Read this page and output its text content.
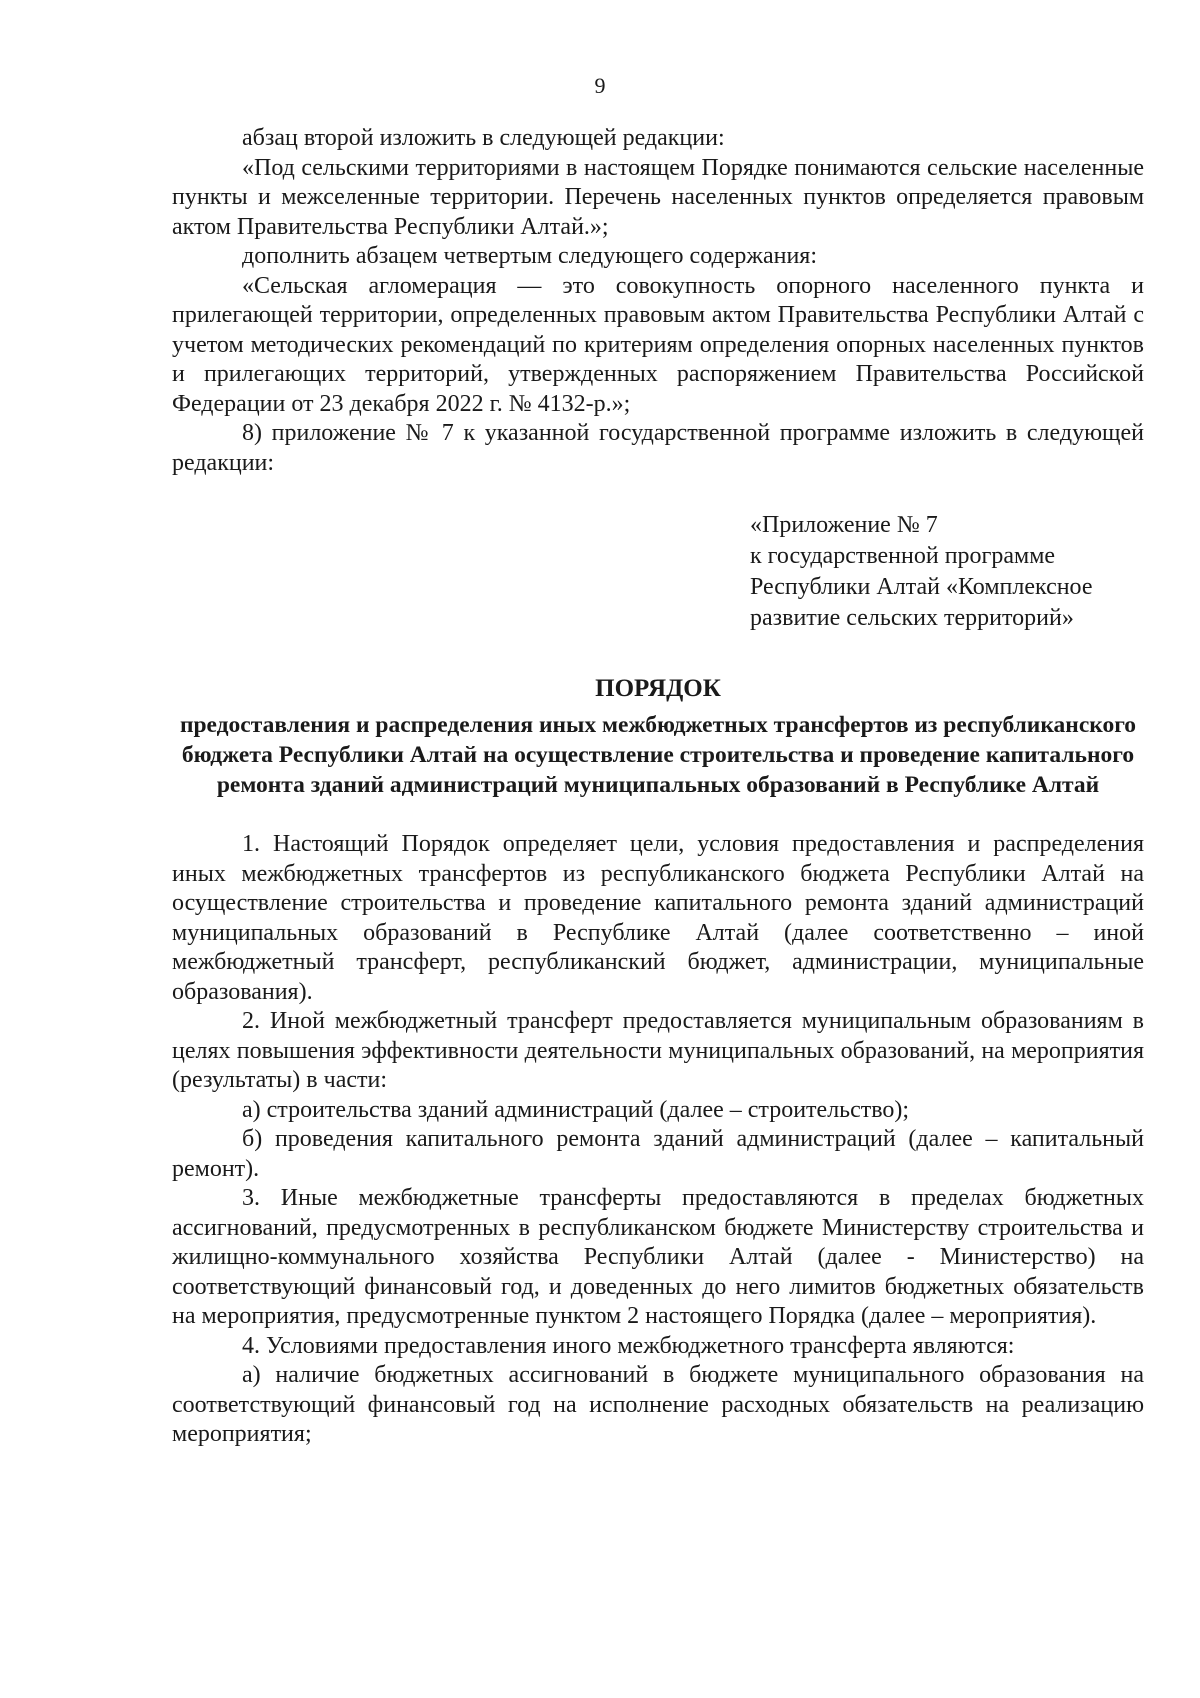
9

абзац второй изложить в следующей редакции:

«Под сельскими территориями в настоящем Порядке понимаются сельские населенные пункты и межселенные территории. Перечень населенных пунктов определяется правовым актом Правительства Республики Алтай.»;

дополнить абзацем четвертым следующего содержания:

«Сельская агломерация — это совокупность опорного населенного пункта и прилегающей территории, определенных правовым актом Правительства Республики Алтай с учетом методических рекомендаций по критериям определения опорных населенных пунктов и прилегающих территорий, утвержденных распоряжением Правительства Российской Федерации от 23 декабря 2022 г. № 4132-р.»;

8) приложение № 7 к указанной государственной программе изложить в следующей редакции:

«Приложение № 7
к государственной программе
Республики Алтай «Комплексное
развитие сельских территорий»
ПОРЯДОК
предоставления и распределения иных межбюджетных трансфертов из республиканского бюджета Республики Алтай на осуществление строительства и проведение капитального ремонта зданий администраций муниципальных образований в Республике Алтай

1. Настоящий Порядок определяет цели, условия предоставления и распределения иных межбюджетных трансфертов из республиканского бюджета Республики Алтай на осуществление строительства и проведение капитального ремонта зданий администраций муниципальных образований в Республике Алтай (далее соответственно – иной межбюджетный трансферт, республиканский бюджет, администрации, муниципальные образования).

2. Иной межбюджетный трансферт предоставляется муниципальным образованиям в целях повышения эффективности деятельности муниципальных образований, на мероприятия (результаты) в части:

а) строительства зданий администраций (далее – строительство);

б) проведения капитального ремонта зданий администраций (далее – капитальный ремонт).

3. Иные межбюджетные трансферты предоставляются в пределах бюджетных ассигнований, предусмотренных в республиканском бюджете Министерству строительства и жилищно-коммунального хозяйства Республики Алтай (далее - Министерство) на соответствующий финансовый год, и доведенных до него лимитов бюджетных обязательств на мероприятия, предусмотренные пунктом 2 настоящего Порядка (далее – мероприятия).

4. Условиями предоставления иного межбюджетного трансферта являются:

а) наличие бюджетных ассигнований в бюджете муниципального образования на соответствующий финансовый год на исполнение расходных обязательств на реализацию мероприятия;
